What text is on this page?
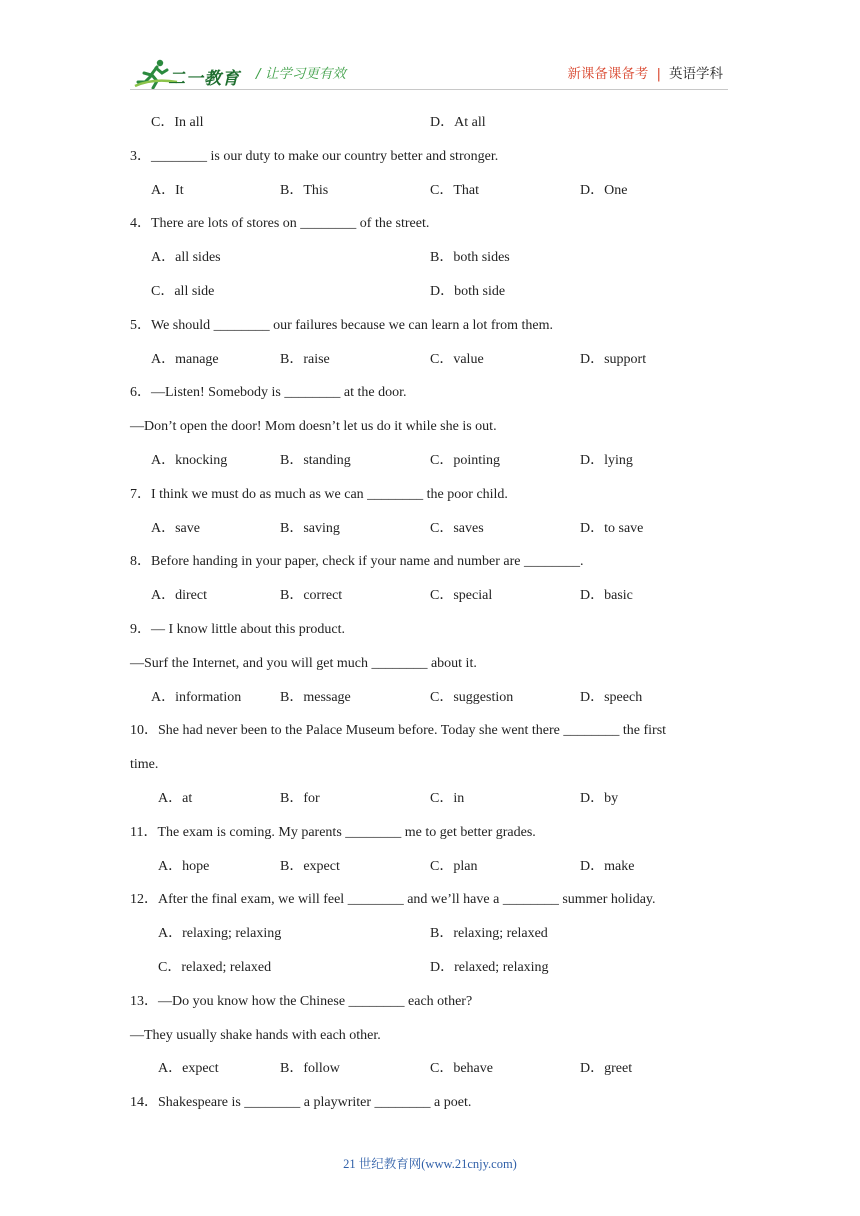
二一教育 / 让学习更有效	新课备课备考 | 英语学科
C．In all	D．At all
3．________ is our duty to make our country better and stronger.
A．It	B．This	C．That	D．One
4．There are lots of stores on ________ of the street.
A．all sides	B．both sides
C．all side	D．both side
5．We should ________ our failures because we can learn a lot from them.
A．manage	B．raise	C．value	D．support
6．—Listen! Somebody is ________ at the door.
—Don’t open the door! Mom doesn’t let us do it while she is out.
A．knocking	B．standing	C．pointing	D．lying
7．I think we must do as much as we can ________ the poor child.
A．save	B．saving	C．saves	D．to save
8．Before handing in your paper, check if your name and number are ________.
A．direct	B．correct	C．special	D．basic
9．— I know little about this product.
—Surf the Internet, and you will get much ________ about it.
A．information	B．message	C．suggestion	D．speech
10．She had never been to the Palace Museum before. Today she went there ________ the first
time.
A．at	B．for	C．in	D．by
11．The exam is coming. My parents ________ me to get better grades.
A．hope	B．expect	C．plan	D．make
12．After the final exam, we will feel ________ and we’ll have a ________ summer holiday.
A．relaxing; relaxing	B．relaxing; relaxed
C．relaxed; relaxed	D．relaxed; relaxing
13．—Do you know how the Chinese ________ each other?
—They usually shake hands with each other.
A．expect	B．follow	C．behave	D．greet
14．Shakespeare is ________ a playwriter ________ a poet.
21 世纪教育网(www.21cnjy.com)
